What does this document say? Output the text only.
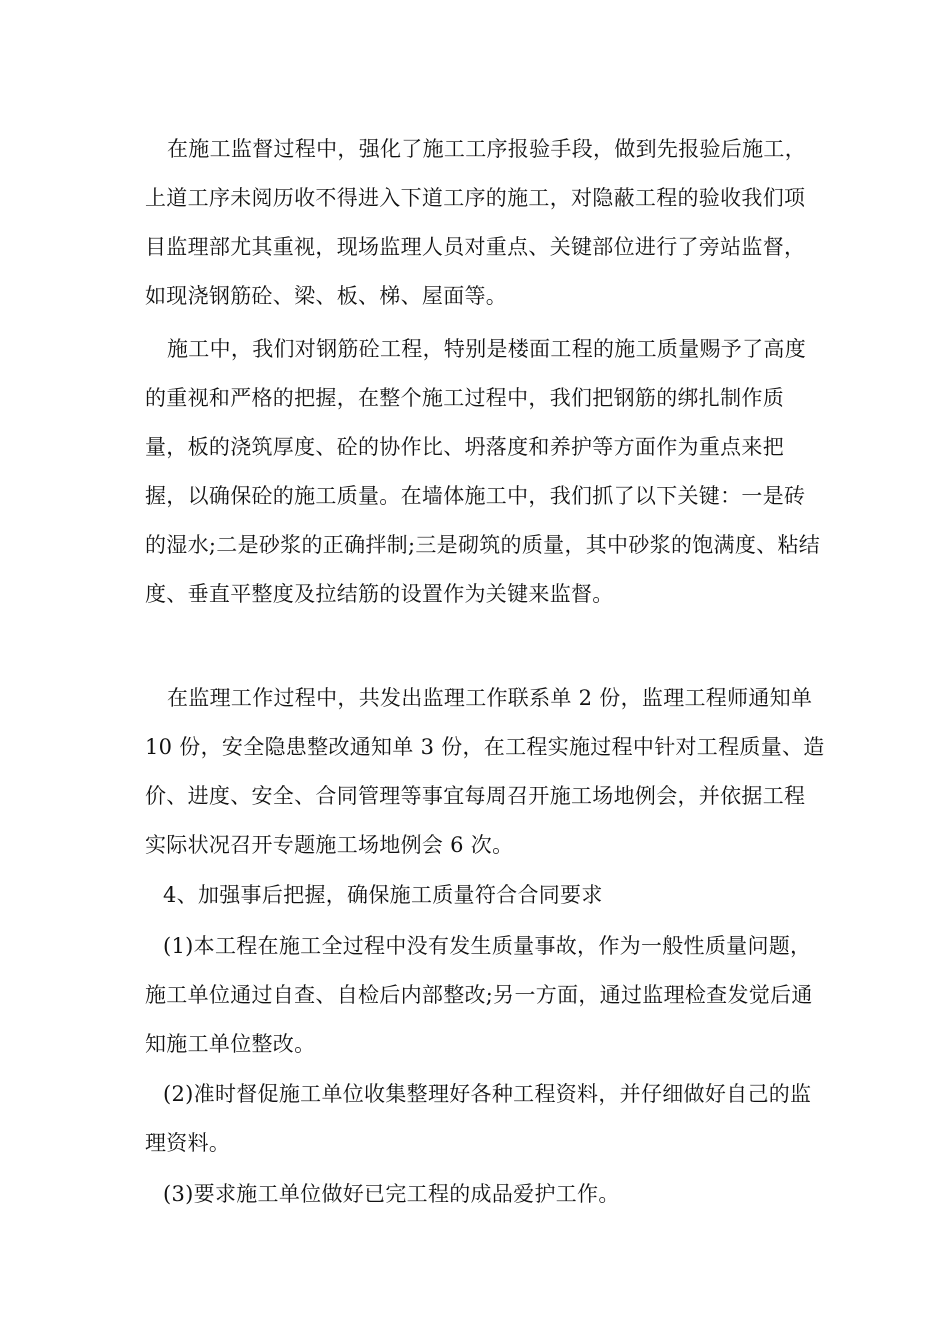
在施工监督过程中，强化了施工工序报验手段，做到先报验后施工，上道工序未阅历收不得进入下道工序的施工，对隐蔽工程的验收我们项目监理部尤其重视，现场监理人员对重点、关键部位进行了旁站监督，如现浇钢筋砼、梁、板、梯、屋面等。

施工中，我们对钢筋砼工程，特别是楼面工程的施工质量赐予了高度的重视和严格的把握，在整个施工过程中，我们把钢筋的绑扎制作质量，板的浇筑厚度、砼的协作比、坍落度和养护等方面作为重点来把握，以确保砼的施工质量。在墙体施工中，我们抓了以下关键：一是砖的湿水;二是砂浆的正确拌制;三是砌筑的质量，其中砂浆的饱满度、粘结度、垂直平整度及拉结筋的设置作为关键来监督。

在监理工作过程中，共发出监理工作联系单 2 份，监理工程师通知单 10 份，安全隐患整改通知单 3 份，在工程实施过程中针对工程质量、造价、进度、安全、合同管理等事宜每周召开施工场地例会，并依据工程实际状况召开专题施工场地例会 6 次。

4、加强事后把握，确保施工质量符合合同要求

(1)本工程在施工全过程中没有发生质量事故，作为一般性质量问题，施工单位通过自查、自检后内部整改;另一方面，通过监理检查发觉后通知施工单位整改。

(2)准时督促施工单位收集整理好各种工程资料，并仔细做好自己的监理资料。

(3)要求施工单位做好已完工程的成品爱护工作。
